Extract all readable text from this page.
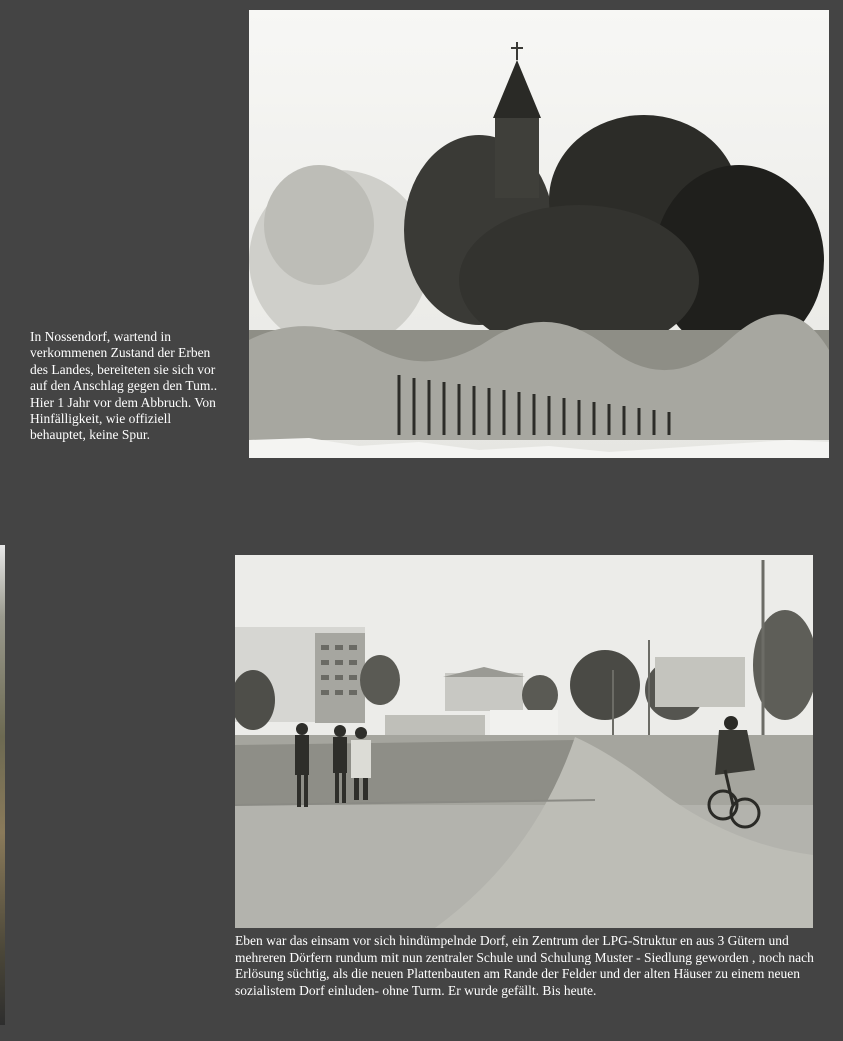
In Nossendorf, wartend in verkommenen Zustand der Erben des Landes, bereiteten sie sich vor auf den Anschlag gegen den Tum.. Hier 1 Jahr vor dem Abbruch. Von Hinfälligkeit, wie offiziell behauptet, keine Spur.
Eben war das einsam vor sich hindümpelnde Dorf, ein Zentrum der LPG-Struktur en aus 3 Gütern und mehreren Dörfern rundum mit nun zentraler Schule und Schulung Muster - Siedlung geworden , noch nach Erlösung süchtig, als die neuen Plattenbauten am Rande der Felder und der alten Häuser zu einem neuen sozialistem Dorf einluden- ohne Turm. Er wurde gefällt. Bis heute.
